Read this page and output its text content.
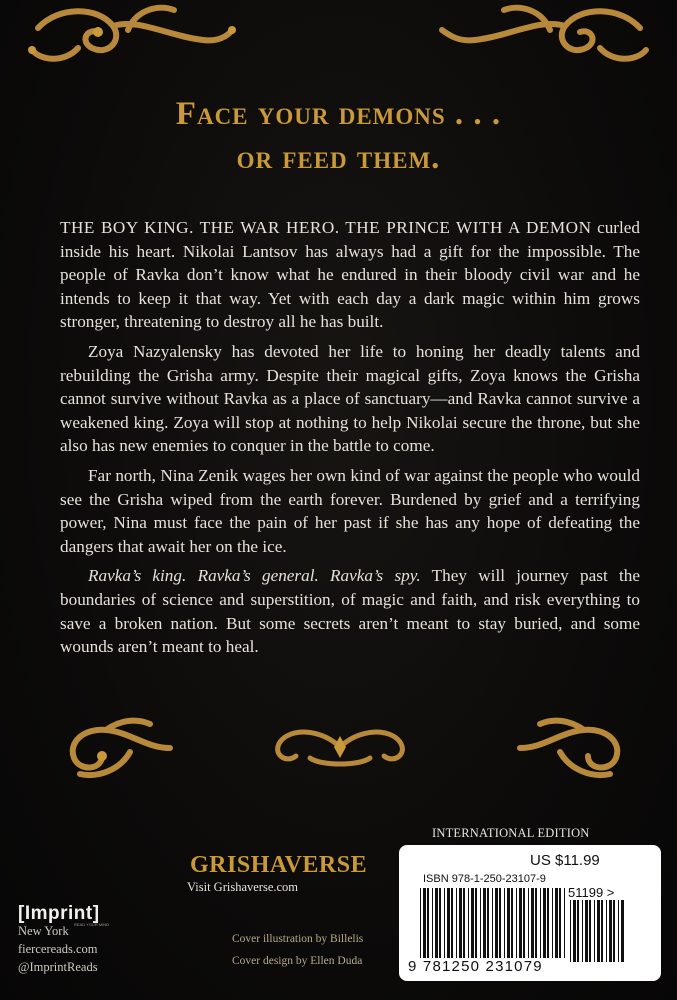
Face your demons . . .
or feed them.

THE BOY KING. THE WAR HERO. THE PRINCE WITH A DEMON curled inside his heart. Nikolai Lantsov has always had a gift for the impossible. The people of Ravka don’t know what he endured in their bloody civil war and he intends to keep it that way. Yet with each day a dark magic within him grows stronger, threatening to destroy all he has built.

Zoya Nazyalensky has devoted her life to honing her deadly talents and rebuilding the Grisha army. Despite their magical gifts, Zoya knows the Grisha cannot survive without Ravka as a place of sanctuary—and Ravka cannot survive a weakened king. Zoya will stop at nothing to help Nikolai secure the throne, but she also has new enemies to conquer in the battle to come.

Far north, Nina Zenik wages her own kind of war against the people who would see the Grisha wiped from the earth forever. Burdened by grief and a terrifying power, Nina must face the pain of her past if she has any hope of defeating the dangers that await her on the ice.

Ravka’s king. Ravka’s general. Ravka’s spy. They will journey past the boundaries of science and superstition, of magic and faith, and risk everything to save a broken nation. But some secrets aren’t meant to stay buried, and some wounds aren’t meant to heal.

GRISHAVERSE
Visit Grishaverse.com
[Imprint]
READ YOUR MIND
New York
fiercereads.com
@ImprintReads
Cover illustration by Billelis
Cover design by Ellen Duda
INTERNATIONAL EDITION
US $11.99
ISBN 978-1-250-23107-9
9 781250 231079
51199 >
